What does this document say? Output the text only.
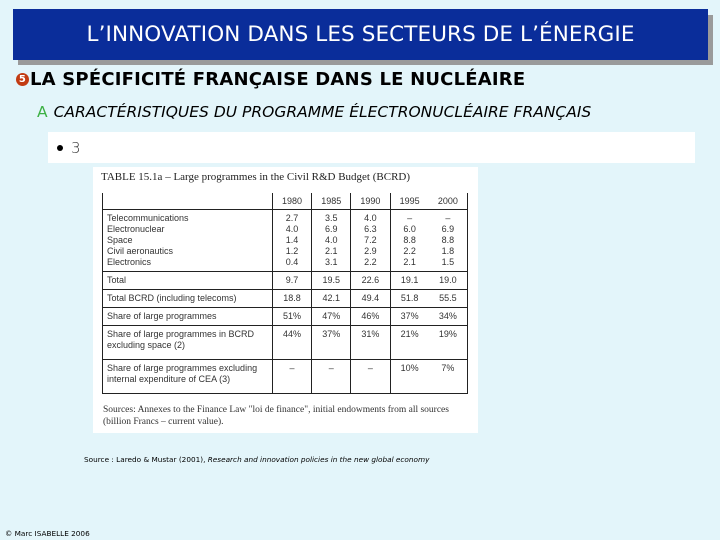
L’INNOVATION DANS LES SECTEURS DE L’ÉNERGIE
5 LA SPÉCIFICITÉ FRANÇAISE DANS LE NUCLÉAIRE
A CARACTÉRISTIQUES DU PROGRAMME ÉLECTRONUCLÉAIRE FRANÇAIS
3
TABLE 15.1a – Large programmes in the Civil R&D Budget (BCRD)
	1980	1985	1990	1995	2000
Telecommunications	2.7	3.5	4.0	–	–
Electronuclear	4.0	6.9	6.3	6.0	6.9
Space	1.4	4.0	7.2	8.8	8.8
Civil aeronautics	1.2	2.1	2.9	2.2	1.8
Electronics	0.4	3.1	2.2	2.1	1.5
Total	9.7	19.5	22.6	19.1	19.0
Total BCRD (including telecoms)	18.8	42.1	49.4	51.8	55.5
Share of large programmes	51%	47%	46%	37%	34%
Share of large programmes in BCRD excluding space (2)	44%	37%	31%	21%	19%
Share of large programmes excluding internal expenditure of CEA (3)	–	–	–	10%	7%
Sources: Annexes to the Finance Law "loi de finance", initial endowments from all sources (billion Francs – current value).
Source : Laredo & Mustar (2001), Research and innovation policies in the new global economy
© Marc ISABELLE 2006
